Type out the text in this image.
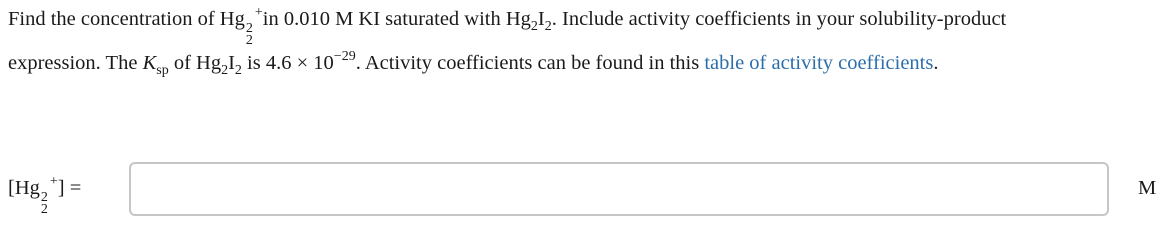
Find the concentration of Hg 2
2
+in 0.010 M KI saturated with $Hg_2I_2$. Include activity coefficients in your solubility-product
expression. The $K_{sp}$ of $Hg_2I_2$ is $4.6 \times 10^{-29}$. Activity coefficients can be found in this table of activity coefficients.
[Hg 2
2
+] =	M
